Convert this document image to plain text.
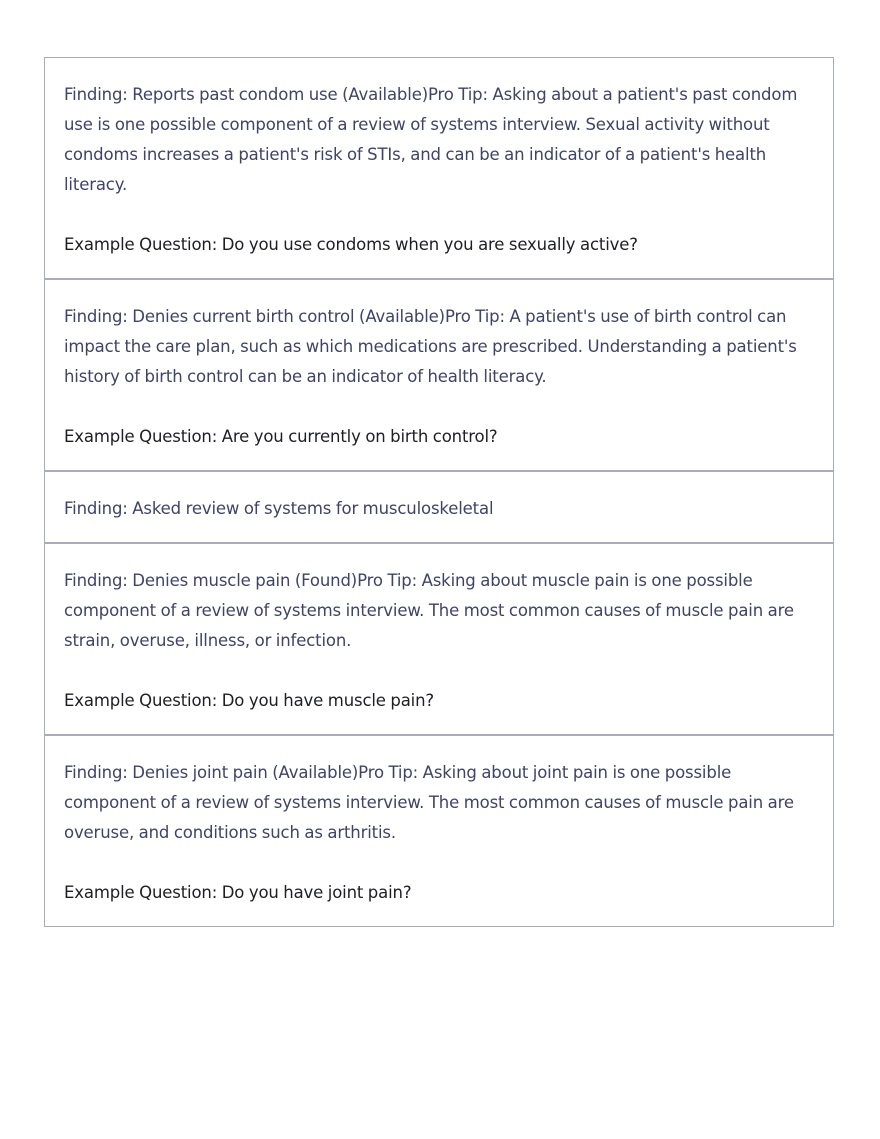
Finding: Reports past condom use (Available)Pro Tip: Asking about a patient's past condom use is one possible component of a review of systems interview. Sexual activity without condoms increases a patient's risk of STIs, and can be an indicator of a patient's health literacy.
Example Question: Do you use condoms when you are sexually active?
Finding: Denies current birth control (Available)Pro Tip: A patient's use of birth control can impact the care plan, such as which medications are prescribed. Understanding a patient's history of birth control can be an indicator of health literacy.
Example Question: Are you currently on birth control?
Finding: Asked review of systems for musculoskeletal
Finding: Denies muscle pain (Found)Pro Tip: Asking about muscle pain is one possible component of a review of systems interview. The most common causes of muscle pain are strain, overuse, illness, or infection.
Example Question: Do you have muscle pain?
Finding: Denies joint pain (Available)Pro Tip: Asking about joint pain is one possible component of a review of systems interview. The most common causes of muscle pain are overuse, and conditions such as arthritis.
Example Question: Do you have joint pain?
